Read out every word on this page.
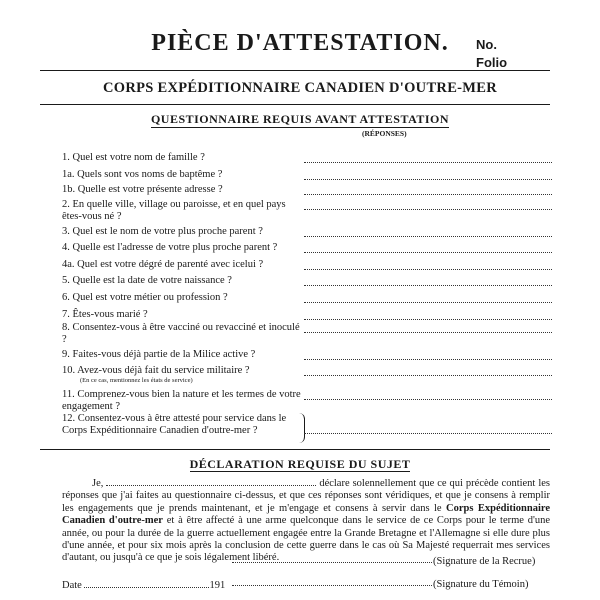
PIÈCE D'ATTESTATION.	No.
Folio
CORPS EXPÉDITIONNAIRE CANADIEN D'OUTRE-MER
QUESTIONNAIRE REQUIS AVANT ATTESTATION
(RÉPONSES)
1. Quel est votre nom de famille ?
1a. Quels sont vos noms de baptême ?
1b. Quelle est votre présente adresse ?
2. En quelle ville, village ou paroisse, et en quel pays êtes-vous né ?
3. Quel est le nom de votre plus proche parent ?
4. Quelle est l'adresse de votre plus proche parent ?
4a. Quel est votre dégré de parenté avec icelui ?
5. Quelle est la date de votre naissance ?
6. Quel est votre métier ou profession ?
7. Êtes-vous marié ?
8. Consentez-vous à être vacciné ou revacciné et inoculé ?
9. Faites-vous déjà partie de la Milice active ?
10. Avez-vous déjà fait du service militaire ?
(En ce cas, mentionnez les états de service)
11. Comprenez-vous bien la nature et les termes de votre engagement ?
12. Consentez-vous à être attesté pour service dans le Corps Expéditionnaire Canadien d'outre-mer ?
DÉCLARATION REQUISE DU SUJET
Je,	déclare solennellement que ce qui précède contient les réponses que j'ai faites au questionnaire ci-dessus, et que ces réponses sont véridiques, et que je consens à remplir les engagements que je prends maintenant, et je m'engage et consens à servir dans le Corps Expéditionnaire Canadien d'outre-mer et à être affecté à une arme quelconque dans le service de ce Corps pour le terme d'une année, ou pour la durée de la guerre actuellement engagée entre la Grande Bretagne et l'Allemagne si elle dure plus d'une année, et pour six mois après la conclusion de cette guerre dans le cas où Sa Majesté requerrait mes services d'autant, ou jusqu'à ce que je sois légalement libéré.	(Signature de la Recrue)
Date	191	(Signature du Témoin)
